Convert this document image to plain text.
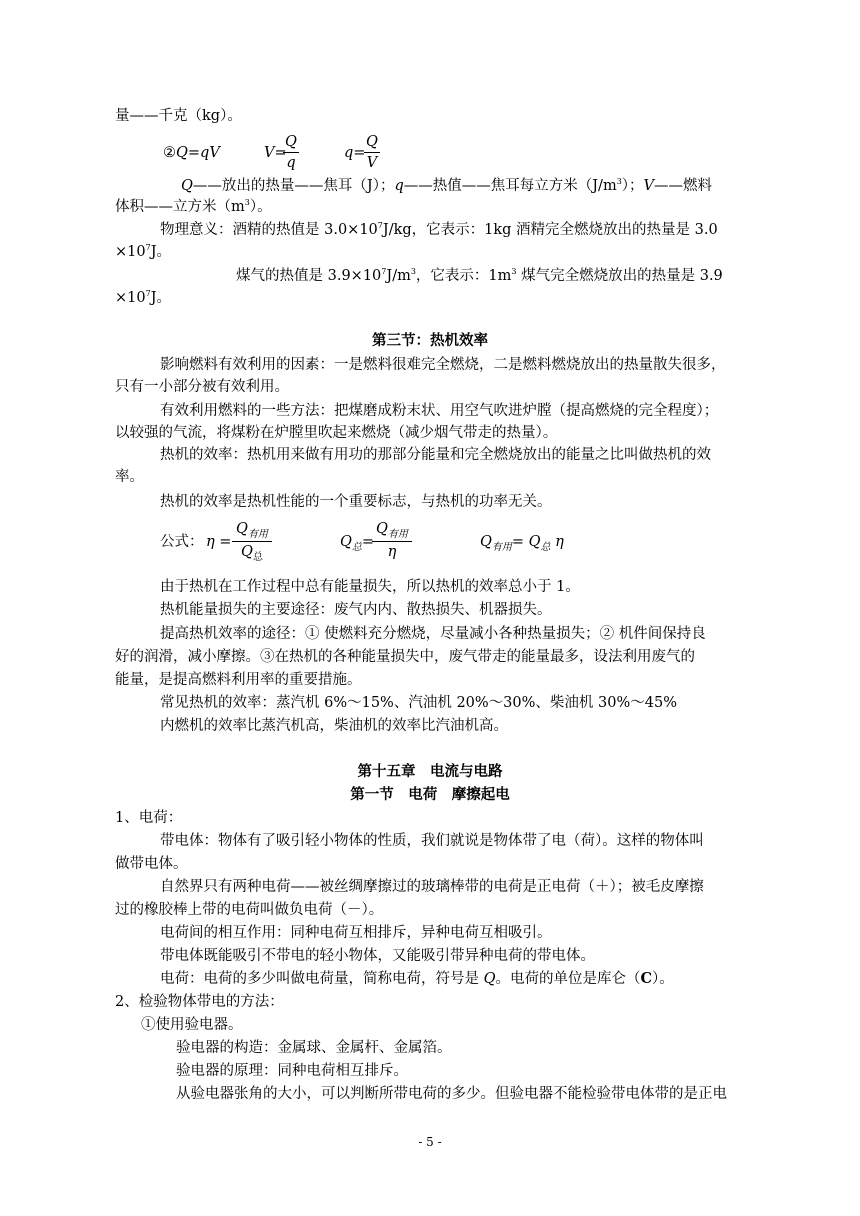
量——千克（kg）。
②Q=qV	V=
Q
q
q=
Q
V
Q——放出的热量——焦耳（J）；q——热值——焦耳每立方米$(J/m^3)$；V——燃料
体积——立方米$(m^3)$。
物理意义：酒精的热值是 $3.0\times 10^7J/kg$，它表示：1kg 酒精完全燃烧放出的热量是 3.0
$\times 10^7J$。
煤气的热值是 $3.9\times 10^7J/m^3$，它表示：$1m^3$ 煤气完全燃烧放出的热量是 3.9
$\times 10^7J$。
第三节：热机效率
影响燃料有效利用的因素：一是燃料很难完全燃烧，二是燃料燃烧放出的热量散失很多，
只有一小部分被有效利用。
有效利用燃料的一些方法：把煤磨成粉末状、用空气吹进炉膛（提高燃烧的完全程度）；
以较强的气流，将煤粉在炉膛里吹起来燃烧（减少烟气带走的热量）。
热机的效率：热机用来做有用功的那部分能量和完全燃烧放出的能量之比叫做热机的效
率。
热机的效率是热机性能的一个重要标志，与热机的功率无关。
公式： η =
$Q_{有用}$
$Q_总$
$Q_总=$
$Q_{有用}$
η
$Q_{有用}= Q_总$ η
由于热机在工作过程中总有能量损失，所以热机的效率总小于 1。
热机能量损失的主要途径：废气内内、散热损失、机器损失。
提高热机效率的途径：① 使燃料充分燃烧，尽量减小各种热量损失；② 机件间保持良
好的润滑，减小摩擦。③在热机的各种能量损失中，废气带走的能量最多，设法利用废气的
能量，是提高燃料利用率的重要措施。
常见热机的效率：蒸汽机 6%～15%、汽油机 20%～30%、柴油机 30%～45%
内燃机的效率比蒸汽机高，柴油机的效率比汽油机高。
第十五章　电流与电路
第一节　电荷　摩擦起电
1、电荷：
带电体：物体有了吸引轻小物体的性质，我们就说是物体带了电（荷）。这样的物体叫
做带电体。
自然界只有两种电荷——被丝绸摩擦过的玻璃棒带的电荷是正电荷（＋）；被毛皮摩擦
过的橡胶棒上带的电荷叫做负电荷（－）。
电荷间的相互作用：同种电荷互相排斥，异种电荷互相吸引。
带电体既能吸引不带电的轻小物体，又能吸引带异种电荷的带电体。
电荷：电荷的多少叫做电荷量，简称电荷，符号是 Q。电荷的单位是库仑（C）。
2、检验物体带电的方法：
①使用验电器。
验电器的构造：金属球、金属杆、金属箔。
验电器的原理：同种电荷相互排斥。
从验电器张角的大小，可以判断所带电荷的多少。但验电器不能检验带电体带的是正电
- 5 -
